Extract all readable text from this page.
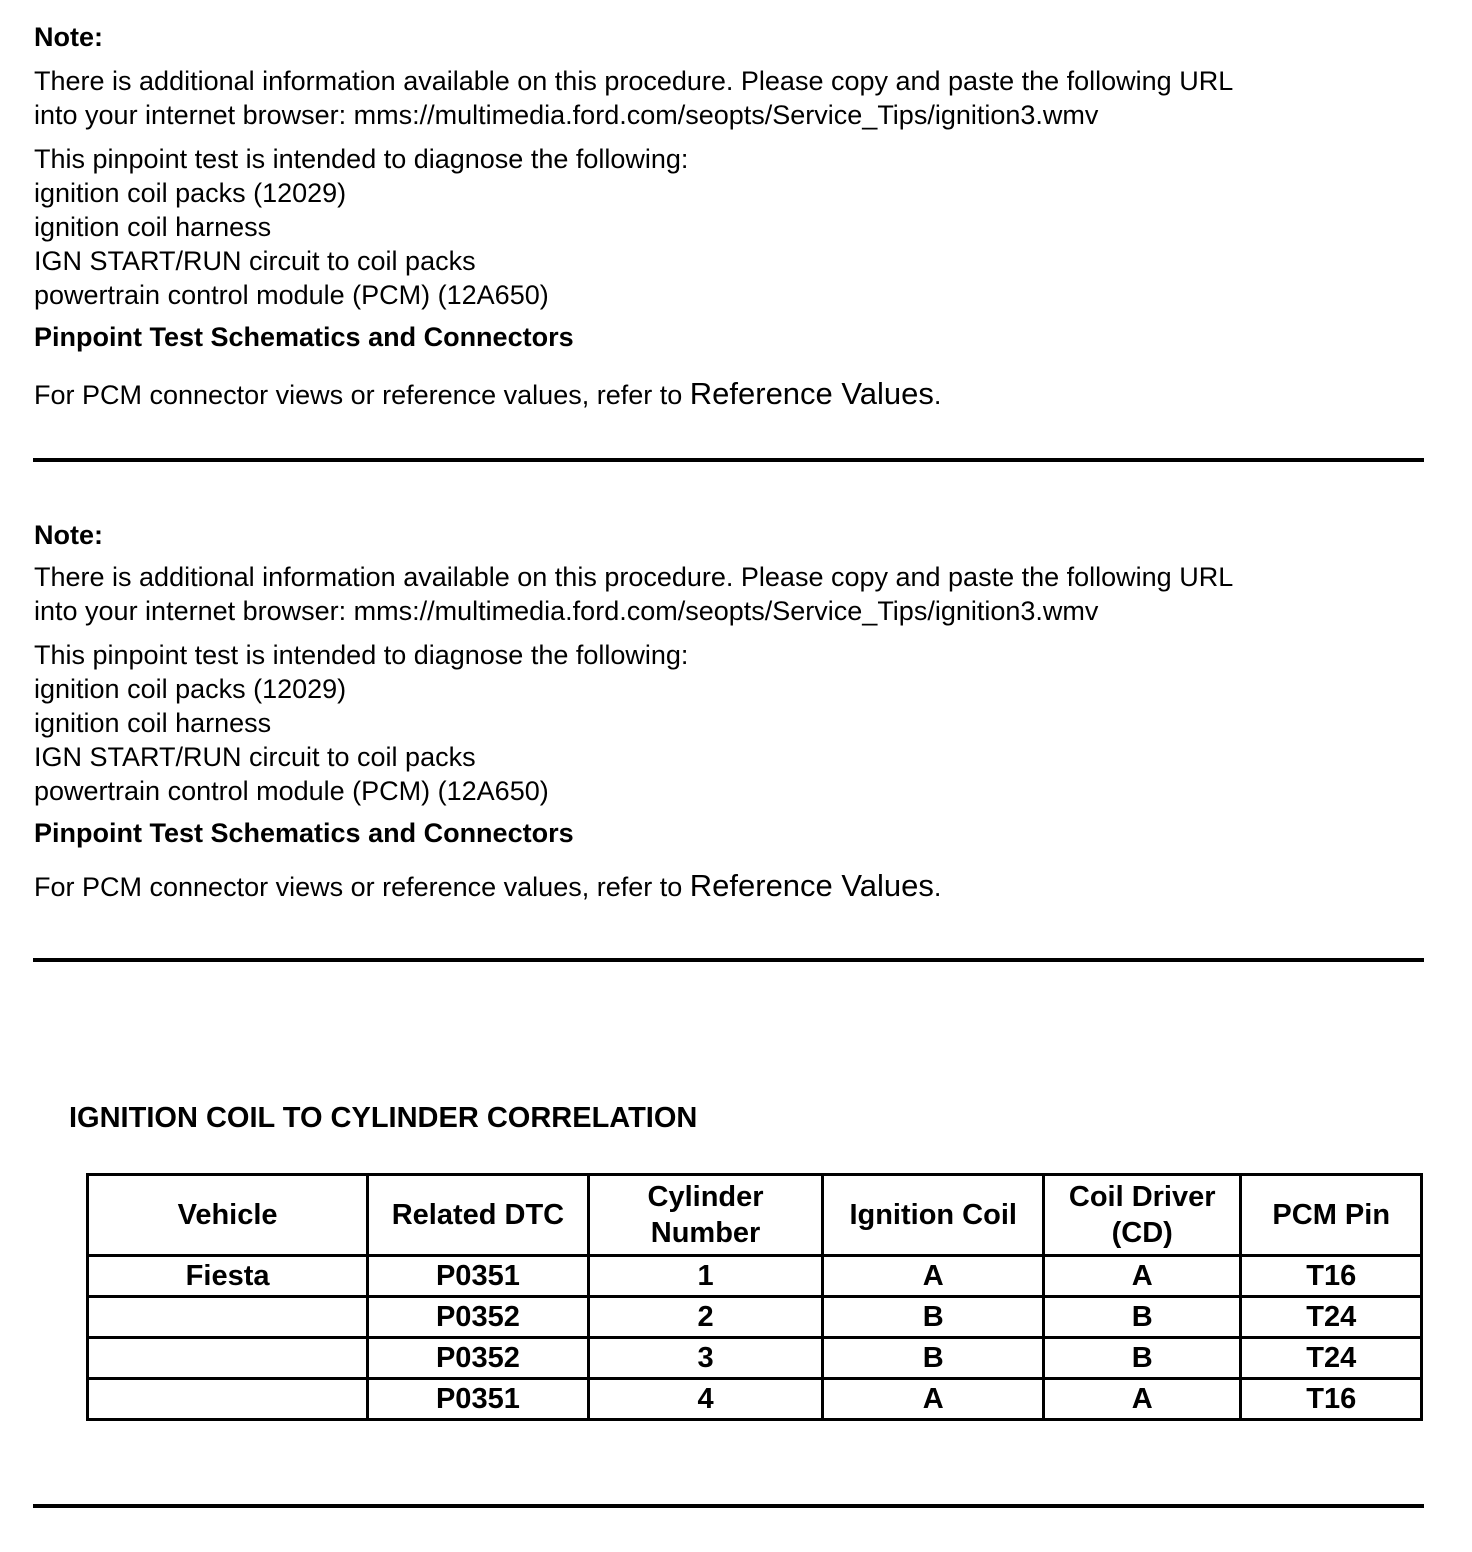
Note:

There is additional information available on this procedure. Please copy and paste the following URL
into your internet browser: mms://multimedia.ford.com/seopts/Service_Tips/ignition3.wmv

This pinpoint test is intended to diagnose the following:

ignition coil packs (12029)

ignition coil harness

IGN START/RUN circuit to coil packs

powertrain control module (PCM) (12A650)

Pinpoint Test Schematics and Connectors

For PCM connector views or reference values, refer to Reference Values.

Note:

There is additional information available on this procedure. Please copy and paste the following URL
into your internet browser: mms://multimedia.ford.com/seopts/Service_Tips/ignition3.wmv

This pinpoint test is intended to diagnose the following:

ignition coil packs (12029)

ignition coil harness

IGN START/RUN circuit to coil packs

powertrain control module (PCM) (12A650)

Pinpoint Test Schematics and Connectors

For PCM connector views or reference values, refer to Reference Values.

IGNITION COIL TO CYLINDER CORRELATION

Vehicle	Related DTC	Cylinder Number	Ignition Coil	Coil Driver (CD)	PCM Pin
Fiesta	P0351	1	A	A	T16
	P0352	2	B	B	T24
	P0352	3	B	B	T24
	P0351	4	A	A	T16
